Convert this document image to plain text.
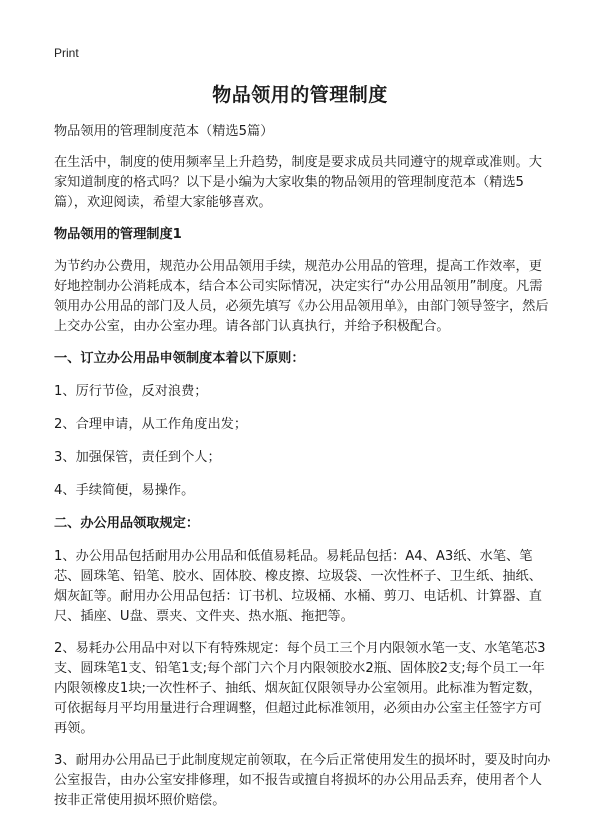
Print
物品领用的管理制度

物品领用的管理制度范本（精选5篇）

在生活中，制度的使用频率呈上升趋势，制度是要求成员共同遵守的规章或准则。大家知道制度的格式吗？以下是小编为大家收集的物品领用的管理制度范本（精选5篇），欢迎阅读，希望大家能够喜欢。

物品领用的管理制度1

为节约办公费用，规范办公用品领用手续，规范办公用品的管理，提高工作效率，更好地控制办公消耗成本，结合本公司实际情况，决定实行“办公用品领用”制度。凡需领用办公用品的部门及人员，必须先填写《办公用品领用单》，由部门领导签字，然后上交办公室，由办公室办理。请各部门认真执行，并给予积极配合。

一、订立办公用品申领制度本着以下原则：

1、厉行节俭，反对浪费；

2、合理申请，从工作角度出发；

3、加强保管，责任到个人；

4、手续简便，易操作。

二、办公用品领取规定：

1、办公用品包括耐用办公用品和低值易耗品。易耗品包括：A4、A3纸、水笔、笔芯、圆珠笔、铅笔、胶水、固体胶、橡皮擦、垃圾袋、一次性杯子、卫生纸、抽纸、烟灰缸等。耐用办公用品包括：订书机、垃圾桶、水桶、剪刀、电话机、计算器、直尺、插座、U盘、票夹、文件夹、热水瓶、拖把等。

2、易耗办公用品中对以下有特殊规定：每个员工三个月内限领水笔一支、水笔笔芯3支、圆珠笔1支、铅笔1支;每个部门六个月内限领胶水2瓶、固体胶2支;每个员工一年内限领橡皮1块;一次性杯子、抽纸、烟灰缸仅限领导办公室领用。此标准为暂定数，可依据每月平均用量进行合理调整，但超过此标准领用，必须由办公室主任签字方可再领。

3、耐用办公用品已于此制度规定前领取，在今后正常使用发生的损坏时，要及时向办公室报告，由办公室安排修理，如不报告或擅自将损坏的办公用品丢弃，使用者个人按非正常使用损坏照价赔偿。
